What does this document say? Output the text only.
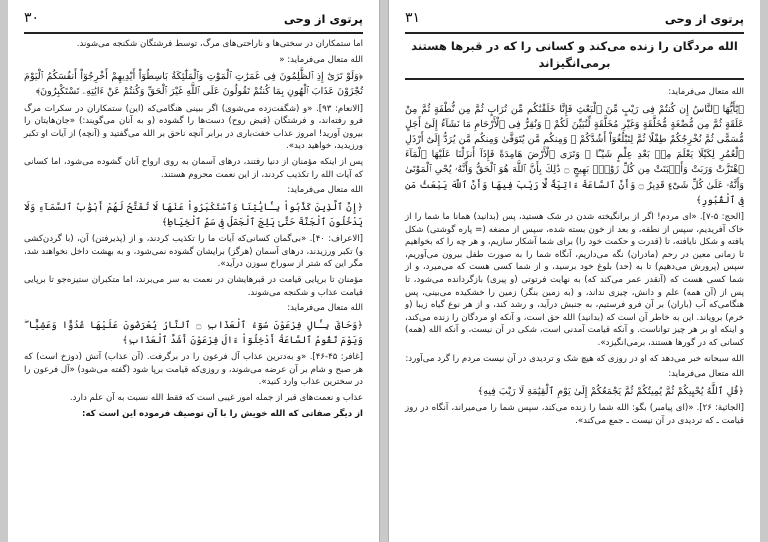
پرتوی از وحی
۳۰
اما ستمکاران در سختی‌ها و ناراحتی‌های مرگ، توسط فرشتگان شکنجه می‌شوند.
الله متعال می‌فرماید: «
﴿وَلَوْ تَرَىٰٓ إِذِ ٱلظَّٰلِمُونَ فِى غَمَرَٰتِ ٱلْمَوْتِ وَٱلْمَلَٰٓئِكَةُ بَاسِطُوٓاْ أَيْدِيهِمْ أَخْرِجُوٓاْ أَنفُسَكُمُ ٱلْيَوْمَ تُجْزَوْنَ عَذَابَ ٱلْهُونِ بِمَا كُنتُمْ تَقُولُونَ عَلَى ٱللَّهِ غَيْرَ ٱلْحَقِّ وَكُنتُمْ عَنْ ءَايَٰتِهِۦ تَسْتَكْبِرُونَ﴾
[الانعام: ۹۳]. «و (شگفت‌زده می‌شوی) اگر ببینی هنگامی‌که (این) ستمکاران در سکرات مرگ فرو رفته‌اند، و فرشتگان (قبض روح) دست‌ها را گشوده (و به آنان می‌گویند:) «جان‌هایتان را بیرون آورید! امروز عذاب خفت‌باری در برابر آنچه ناحق بر الله می‌گفتید و (آنچه) از آیات او تکبر ورزیدید، خواهید دید».
پس از اینکه مؤمنان از دنیا رفتند، درهای آسمان به روی ارواح آنان گشوده می‌شود، اما کسانی که آیات الله را تکذیب کردند، از این نعمت محروم هستند.
الله متعال می‌فرماید:
﴿إِنَّ ٱلَّذِينَ كَذَّبُواْ بِـَٔايَٰتِنَا وَٱسْتَكْبَرُواْ عَنْهَا لَا تُفَتَّحُ لَهُمْ أَبْوَٰبُ ٱلسَّمَآءِ وَلَا يَدْخُلُونَ ٱلْجَنَّةَ حَتَّىٰ يَلِجَ ٱلْجَمَلُ فِى سَمِّ ٱلْخِيَاطِ﴾
[الاعراف: ۴۰]. «بی‌گمان کسانی‌که آیات ما را تکذیب کردند، و از (پذیرفتن) آن، (با گردن‌کشی و) تکبر ورزیدند، درهای آسمان (هرگز) برایشان گشوده نمی‌شود، و به بهشت داخل نخواهند شد، مگر این که شتر از سوراخ سوزن درآید».
مؤمنان تا برپایی قیامت در قبرهایشان در نعمت به سر می‌برند، اما متکبران ستیزه‌جو تا برپایی قیامت عذاب و شکنجه می‌شوند.
الله متعال می‌فرماید:
﴿وَحَاقَ بِـَٔالِ فِرْعَوْنَ سُوٓءُ ٱلْعَذَابِ ۝ ٱلنَّارُ يُعْرَضُونَ عَلَيْهَا غُدُوًّا وَعَشِيًّا ۖ وَيَوْمَ تَقُومُ ٱلسَّاعَةُ أَدْخِلُوٓاْ ءَالَ فِرْعَوْنَ أَشَدَّ ٱلْعَذَابِ﴾
[غافر: ۴۵-۴۶]. «و به‌دترین عذاب آل فرعون را در برگرفت. (آن عذاب) آتش (دوزخ است) که هر صبح و شام بر آن عرضه می‌شوند، و روزی‌که قیامت برپا شود (گفته می‌شود) «آل فرعون را در سخترین عذاب وارد کنید».
عذاب و نعمت‌های قبر از جمله امور غیبی است که فقط الله نسبت به آن علم دارد.
از دیگر صفاتی که الله خویش را با آن توصیف فرموده این است که:
پرتوی از وحی
۳۱
الله مردگان را زنده می‌کند و کسانی را که در قبرها هستند برمی‌انگیزاند
الله متعال می‌فرماید:
﴿يَٰٓأَيُّهَا ٱلنَّاسُ إِن كُنتُمْ فِى رَيْبٍ مِّنَ ٱلْبَعْثِ فَإِنَّا خَلَقْنَٰكُم مِّن تُرَابٍ ثُمَّ مِن نُّطْفَةٍ ثُمَّ مِنْ عَلَقَةٍ ثُمَّ مِن مُّضْغَةٍ مُّخَلَّقَةٍ وَغَيْرِ مُخَلَّقَةٍ لِّنُبَيِّنَ لَكُمْ ۚ وَنُقِرُّ فِى ٱلْأَرْحَامِ مَا نَشَآءُ إِلَىٰٓ أَجَلٍ مُّسَمًّى ثُمَّ نُخْرِجُكُمْ طِفْلًا ثُمَّ لِتَبْلُغُوٓاْ أَشُدَّكُمْ ۖ وَمِنكُم مَّن يُتَوَفَّىٰ وَمِنكُم مَّن يُرَدُّ إِلَىٰٓ أَرْذَلِ ٱلْعُمُرِ لِكَيْلَا يَعْلَمَ مِنۢ بَعْدِ عِلْمٍ شَيْـًٔا ۚ وَتَرَى ٱلْأَرْضَ هَامِدَةً فَإِذَآ أَنزَلْنَا عَلَيْهَا ٱلْمَآءَ ٱهْتَزَّتْ وَرَبَتْ وَأَنۢبَتَتْ مِن كُلِّ زَوْجٍۭ بَهِيجٍ ۝ ذَٰلِكَ بِأَنَّ ٱللَّهَ هُوَ ٱلْحَقُّ وَأَنَّهُۥ يُحْىِ ٱلْمَوْتَىٰ وَأَنَّهُۥ عَلَىٰ كُلِّ شَىْءٍ قَدِيرٌ ۝ وَأَنَّ ٱلسَّاعَةَ ءَاتِيَةٌ لَّا رَيْبَ فِيهَا وَأَنَّ ٱللَّهَ يَبْعَثُ مَن فِى ٱلْقُبُورِ﴾
[الحج: ۵-۷]. «ای مردم! اگر از برانگیخته شدن در شک هستید، پس (بدانید) همانا ما شما را از خاک آفریدیم، سپس از نطفه، و بعد از خون بسته شده، سپس از مضغه (= پاره گوشتی) شکل یافته و شکل نایافته، تا (قدرت و حکمت خود را) برای شما آشکار سازیم، و هر چه را که بخواهیم تا زمانی معین در رحم (مادران) نگه می‌داریم، آنگاه شما را به صورت طفل بیرون می‌آوریم، سپس (پرورش می‌دهیم) تا به (حد) بلوغ خود برسید، و از شما کسی هست که می‌میرد، و از شما کسی هست که (آنقدر عمر می‌کند که) به نهایت فرتوتی (و پیری) بازگردانده می‌شود، تا پس از (آن همه) علم و دانش، چیزی نداند، و (به زمین بنگر) زمین را خشکیده می‌بینی، پس هنگامی‌که آب (باران) بر آن فرو فرستیم، به جنبش درآید، و رشد کند، و از هر نوع گیاه زیبا (و خرم) برویاند. این به خاطر آن است که (بدانید) الله حق است، و آنکه او مردگان را زنده می‌کند، و اینکه او بر هر چیز تواناست. و آنکه قیامت آمدنی است، شکی در آن نیست، و آنکه الله (همه) کسانی که در گورها هستند، برمی‌انگیزد».
الله سبحانه خبر می‌دهد که او در روزی که هیچ شک و تردیدی در آن نیست مردم را گرد می‌آورد:
الله متعال می‌فرماید:
﴿قُلِ ٱللَّهُ يُحْيِيكُمْ ثُمَّ يُمِيتُكُمْ ثُمَّ يَجْمَعُكُمْ إِلَىٰ يَوْمِ ٱلْقِيَٰمَةِ لَا رَيْبَ فِيهِ﴾
[الجاثیة: ۲۶]. «(ای پیامبر) بگو: الله شما را زنده می‌کند، سپس شما را می‌میراند، آنگاه در روز قیامت ـ که تردیدی در آن نیست ـ جمع می‌کند».
